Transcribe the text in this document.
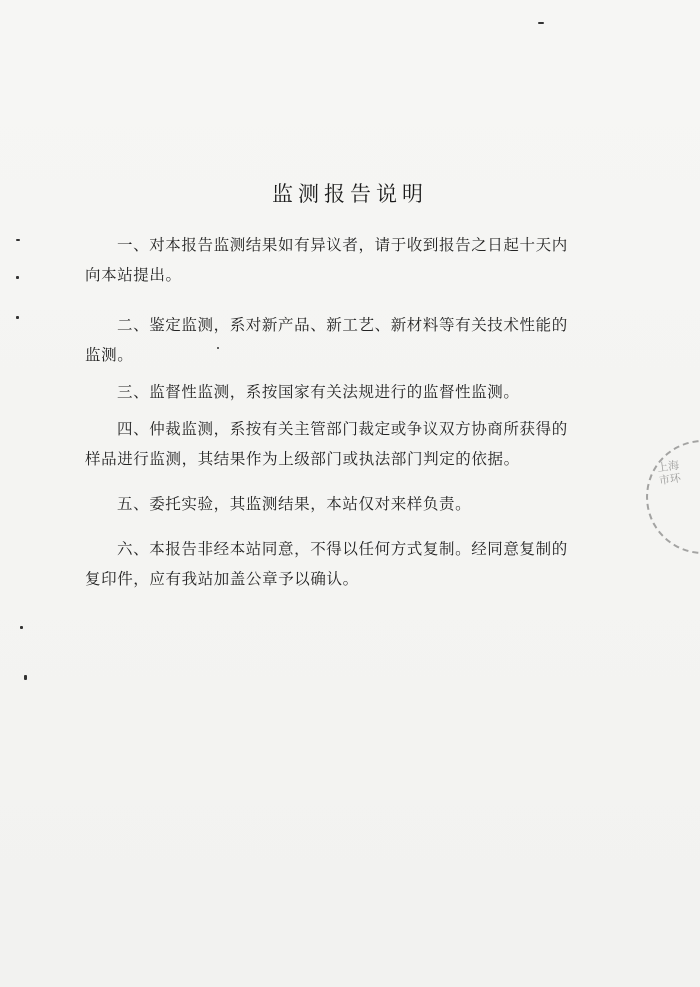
监测报告说明
一、对本报告监测结果如有异议者，请于收到报告之日起十天内向本站提出。
二、鉴定监测，系对新产品、新工艺、新材料等有关技术性能的监测。
三、监督性监测，系按国家有关法规进行的监督性监测。
四、仲裁监测，系按有关主管部门裁定或争议双方协商所获得的样品进行监测，其结果作为上级部门或执法部门判定的依据。
五、委托实验，其监测结果，本站仅对来样负责。
六、本报告非经本站同意，不得以任何方式复制。经同意复制的复印件，应有我站加盖公章予以确认。
上海市环
